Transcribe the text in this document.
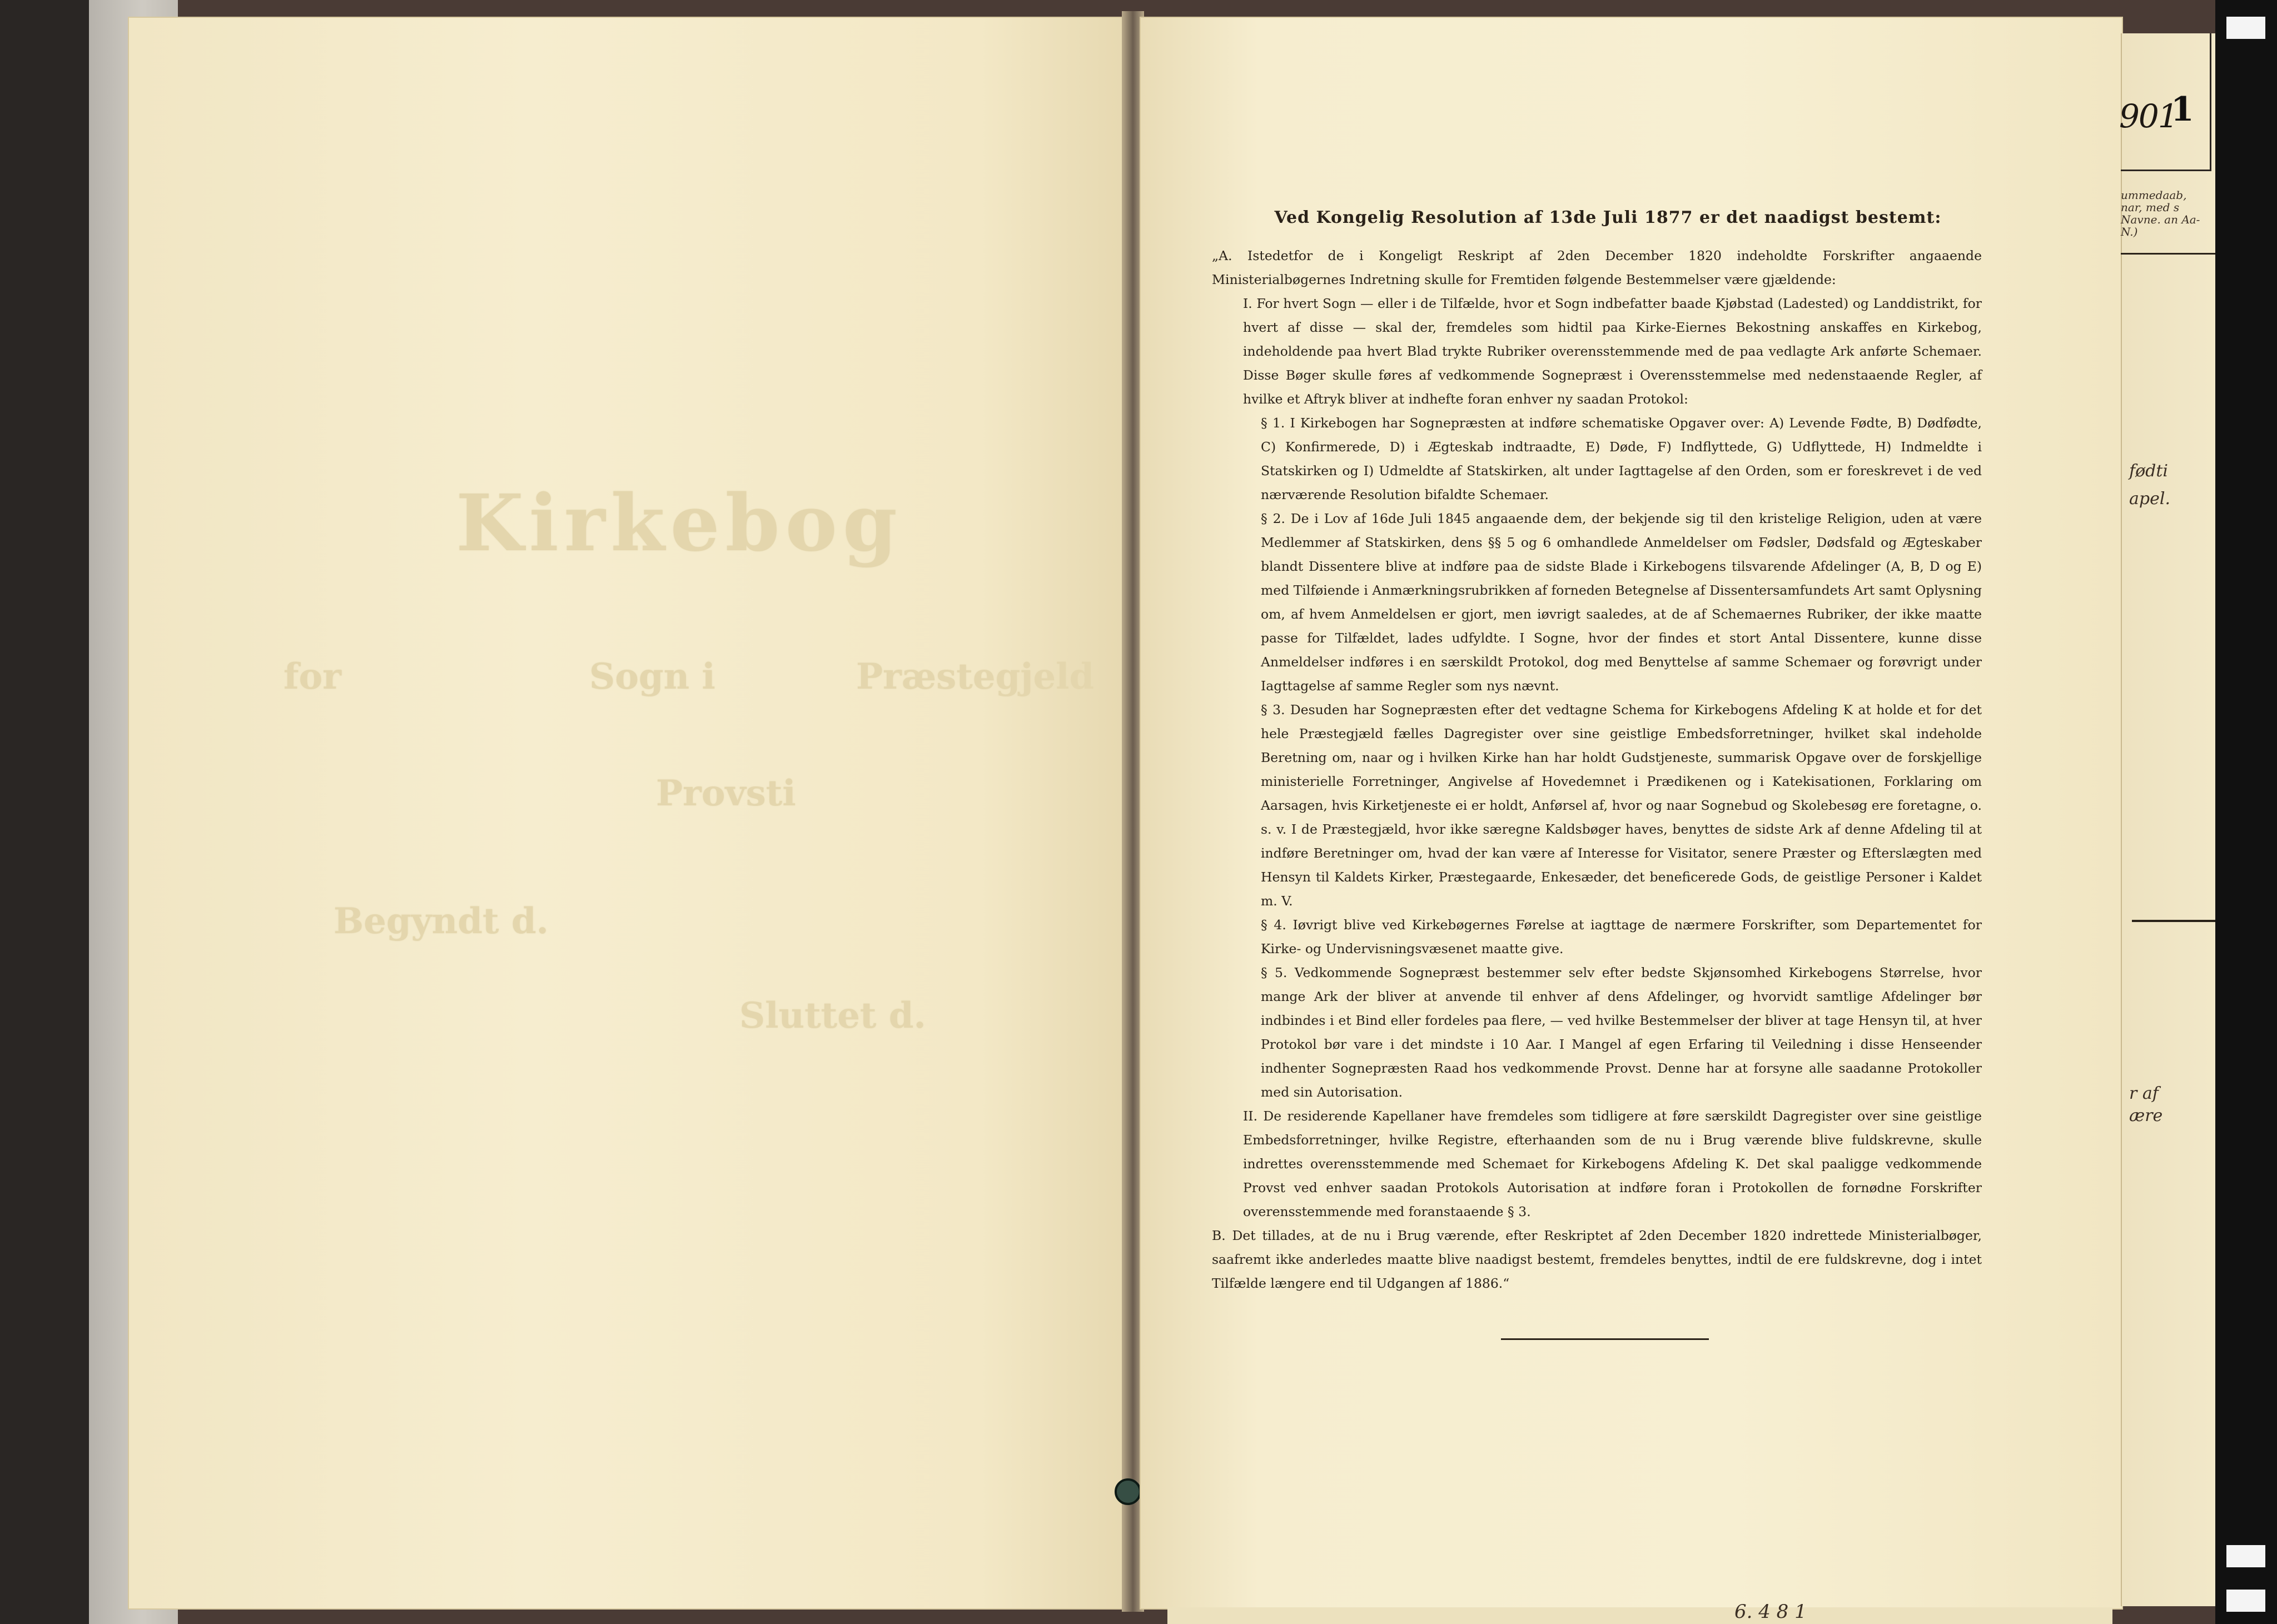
Kirkebog
for	Sogn i	Præstegjeld
Provsti
Begyndt d.
Sluttet d.
Ved Kongelig Resolution af 13de Juli 1877 er det naadigst bestemt:
„A. Istedetfor de i Kongeligt Reskript af 2den December 1820 indeholdte Forskrifter angaaende Ministerialbøgernes Indretning skulle for Fremtiden følgende Bestemmelser være gjældende:
I. For hvert Sogn — eller i de Tilfælde, hvor et Sogn indbefatter baade Kjøbstad (Ladested) og Landdistrikt, for hvert af disse — skal der, fremdeles som hidtil paa Kirke-Eiernes Bekostning anskaffes en Kirkebog, indeholdende paa hvert Blad trykte Rubriker overensstemmende med de paa vedlagte Ark anførte Schemaer. Disse Bøger skulle føres af vedkommende Sognepræst i Overensstemmelse med nedenstaaende Regler, af hvilke et Aftryk bliver at indhefte foran enhver ny saadan Protokol:
§ 1. I Kirkebogen har Sognepræsten at indføre schematiske Opgaver over: A) Levende Fødte, B) Dødfødte, C) Konfirmerede, D) i Ægteskab indtraadte, E) Døde, F) Indflyttede, G) Udflyttede, H) Indmeldte i Statskirken og I) Udmeldte af Statskirken, alt under Iagttagelse af den Orden, som er foreskrevet i de ved nærværende Resolution bifaldte Schemaer.
§ 2. De i Lov af 16de Juli 1845 angaaende dem, der bekjende sig til den kristelige Religion, uden at være Medlemmer af Statskirken, dens §§ 5 og 6 omhandlede Anmeldelser om Fødsler, Dødsfald og Ægteskaber blandt Dissentere blive at indføre paa de sidste Blade i Kirkebogens tilsvarende Afdelinger (A, B, D og E) med Tilføiende i Anmærkningsrubrikken af forneden Betegnelse af Dissentersamfundets Art samt Oplysning om, af hvem Anmeldelsen er gjort, men iøvrigt saaledes, at de af Schemaernes Rubriker, der ikke maatte passe for Tilfældet, lades udfyldte. I Sogne, hvor der findes et stort Antal Dissentere, kunne disse Anmeldelser indføres i en særskildt Protokol, dog med Benyttelse af samme Schemaer og forøvrigt under Iagttagelse af samme Regler som nys nævnt.
§ 3. Desuden har Sognepræsten efter det vedtagne Schema for Kirkebogens Afdeling K at holde et for det hele Præstegjæld fælles Dagregister over sine geistlige Embedsforretninger, hvilket skal indeholde Beretning om, naar og i hvilken Kirke han har holdt Gudstjeneste, summarisk Opgave over de forskjellige ministerielle Forretninger, Angivelse af Hovedemnet i Prædikenen og i Katekisationen, Forklaring om Aarsagen, hvis Kirketjeneste ei er holdt, Anførsel af, hvor og naar Sognebud og Skolebesøg ere foretagne, o. s. v. I de Præstegjæld, hvor ikke særegne Kaldsbøger haves, benyttes de sidste Ark af denne Afdeling til at indføre Beretninger om, hvad der kan være af Interesse for Visitator, senere Præster og Efterslægten med Hensyn til Kaldets Kirker, Præstegaarde, Enkesæder, det beneficerede Gods, de geistlige Personer i Kaldet m. V.
§ 4. Iøvrigt blive ved Kirkebøgernes Førelse at iagttage de nærmere Forskrifter, som Departementet for Kirke- og Undervisningsvæsenet maatte give.
§ 5. Vedkommende Sognepræst bestemmer selv efter bedste Skjønsomhed Kirkebogens Størrelse, hvor mange Ark der bliver at anvende til enhver af dens Afdelinger, og hvorvidt samtlige Afdelinger bør indbindes i et Bind eller fordeles paa flere, — ved hvilke Bestemmelser der bliver at tage Hensyn til, at hver Protokol bør vare i det mindste i 10 Aar. I Mangel af egen Erfaring til Veiledning i disse Henseender indhenter Sognepræsten Raad hos vedkommende Provst. Denne har at forsyne alle saadanne Protokoller med sin Autorisation.
II. De residerende Kapellaner have fremdeles som tidligere at føre særskildt Dagregister over sine geistlige Embedsforretninger, hvilke Registre, efterhaanden som de nu i Brug værende blive fuldskrevne, skulle indrettes overensstemmende med Schemaet for Kirkebogens Afdeling K. Det skal paaligge vedkommende Provst ved enhver saadan Protokols Autorisation at indføre foran i Protokollen de fornødne Forskrifter overensstemmende med foranstaaende § 3.
B. Det tillades, at de nu i Brug værende, efter Reskriptet af 2den December 1820 indrettede Ministerialbøger, saafremt ikke anderledes maatte blive naadigst bestemt, fremdeles benyttes, indtil de ere fuldskrevne, dog i intet Tilfælde længere end til Udgangen af 1886.“
6. 4 8 1
901
1
ummedaab, nar, med s Navne. an Aa- N.)
fødti
apel.
r af
ære
